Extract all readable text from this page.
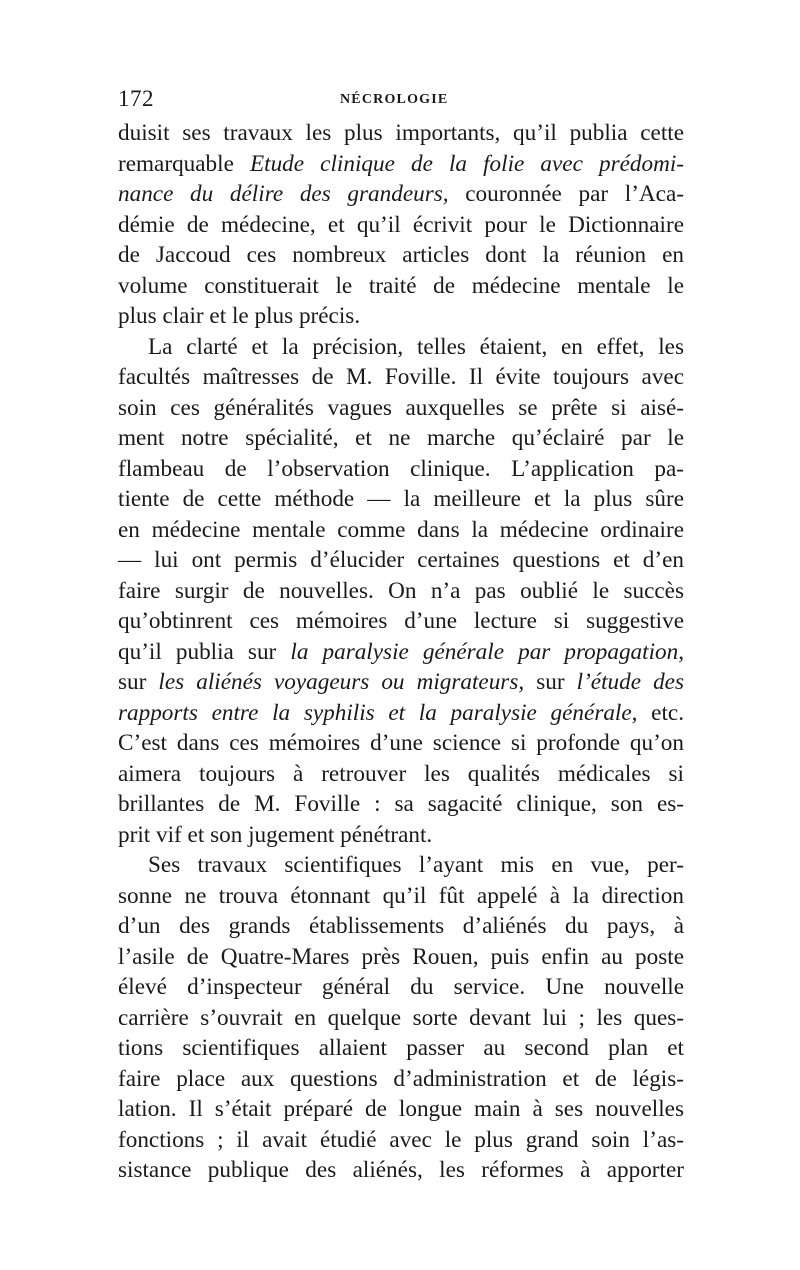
172	NÉCROLOGIE
duisit ses travaux les plus importants, qu’il publia cette
remarquable Etude clinique de la folie avec prédomi-
nance du délire des grandeurs, couronnée par l’Aca-
démie de médecine, et qu’il écrivit pour le Dictionnaire
de Jaccoud ces nombreux articles dont la réunion en
volume constituerait le traité de médecine mentale le
plus clair et le plus précis.
La clarté et la précision, telles étaient, en effet, les
facultés maîtresses de M. Foville. Il évite toujours avec
soin ces généralités vagues auxquelles se prête si aisé-
ment notre spécialité, et ne marche qu’éclairé par le
flambeau de l’observation clinique. L’application pa-
tiente de cette méthode — la meilleure et la plus sûre
en médecine mentale comme dans la médecine ordinaire
— lui ont permis d’élucider certaines questions et d’en
faire surgir de nouvelles. On n’a pas oublié le succès
qu’obtinrent ces mémoires d’une lecture si suggestive
qu’il publia sur la paralysie générale par propagation,
sur les aliénés voyageurs ou migrateurs, sur l’étude des
rapports entre la syphilis et la paralysie générale, etc.
C’est dans ces mémoires d’une science si profonde qu’on
aimera toujours à retrouver les qualités médicales si
brillantes de M. Foville : sa sagacité clinique, son es-
prit vif et son jugement pénétrant.
Ses travaux scientifiques l’ayant mis en vue, per-
sonne ne trouva étonnant qu’il fût appelé à la direction
d’un des grands établissements d’aliénés du pays, à
l’asile de Quatre-Mares près Rouen, puis enfin au poste
élevé d’inspecteur général du service. Une nouvelle
carrière s’ouvrait en quelque sorte devant lui ; les ques-
tions scientifiques allaient passer au second plan et
faire place aux questions d’administration et de légis-
lation. Il s’était préparé de longue main à ses nouvelles
fonctions ; il avait étudié avec le plus grand soin l’as-
sistance publique des aliénés, les réformes à apporter
